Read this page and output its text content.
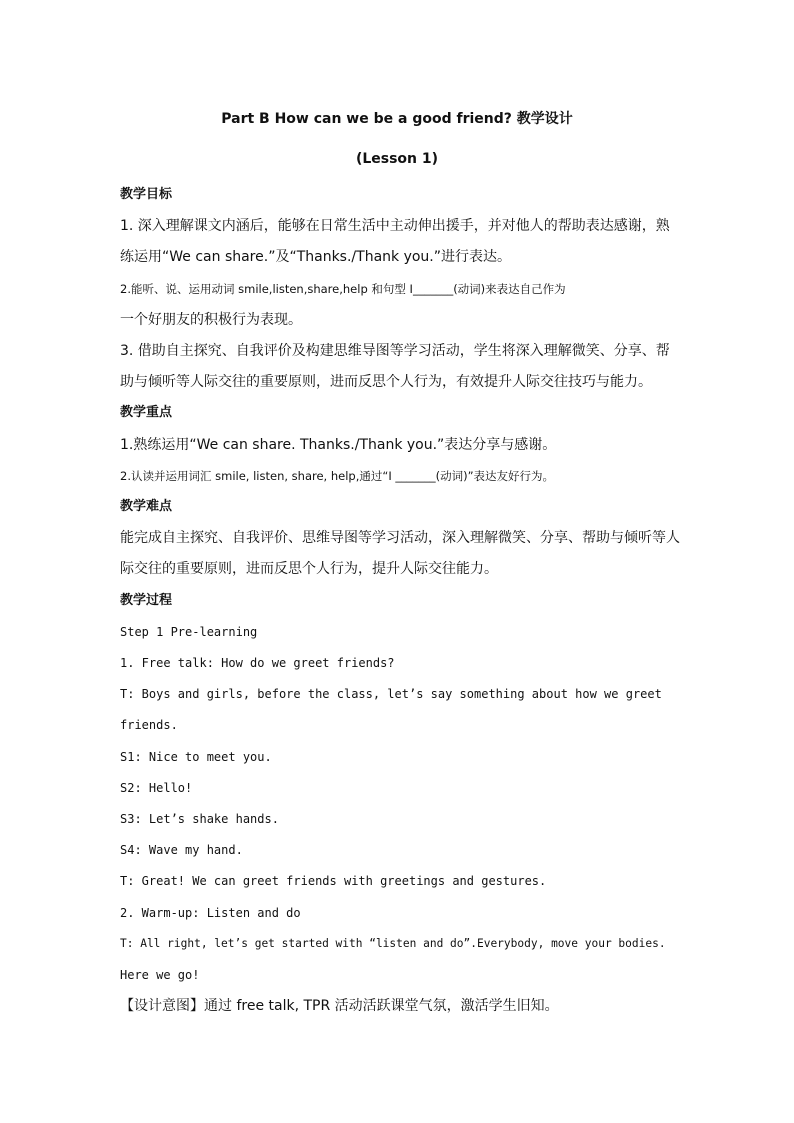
Part B How can we be a good friend? 教学设计
(Lesson 1)
教学目标
1. 深入理解课文内涵后，能够在日常生活中主动伸出援手，并对他人的帮助表达感谢，熟
练运用“We can share.”及“Thanks./Thank you.”进行表达。
2.能听、说、运用动词 smile,listen,share,help 和句型 I_______(动词)来表达自己作为
一个好朋友的积极行为表现。
3. 借助自主探究、自我评价及构建思维导图等学习活动，学生将深入理解微笑、分享、帮
助与倾听等人际交往的重要原则，进而反思个人行为，有效提升人际交往技巧与能力。
教学重点
1.熟练运用“We can share. Thanks./Thank you.”表达分享与感谢。
2.认读并运用词汇 smile, listen, share, help,通过“I _______(动词)”表达友好行为。
教学难点
能完成自主探究、自我评价、思维导图等学习活动，深入理解微笑、分享、帮助与倾听等人
际交往的重要原则，进而反思个人行为，提升人际交往能力。
教学过程
Step 1 Pre-learning
1. Free talk: How do we greet friends?
T: Boys and girls, before the class, let’s say something about how we greet
friends.
S1: Nice to meet you.
S2: Hello!
S3: Let’s shake hands.
S4: Wave my hand.
T: Great! We can greet friends with greetings and gestures.
2. Warm-up: Listen and do
T: All right, let’s get started with “listen and do”.Everybody, move your bodies.
Here we go!
【设计意图】通过 free talk, TPR 活动活跃课堂气氛，激活学生旧知。
